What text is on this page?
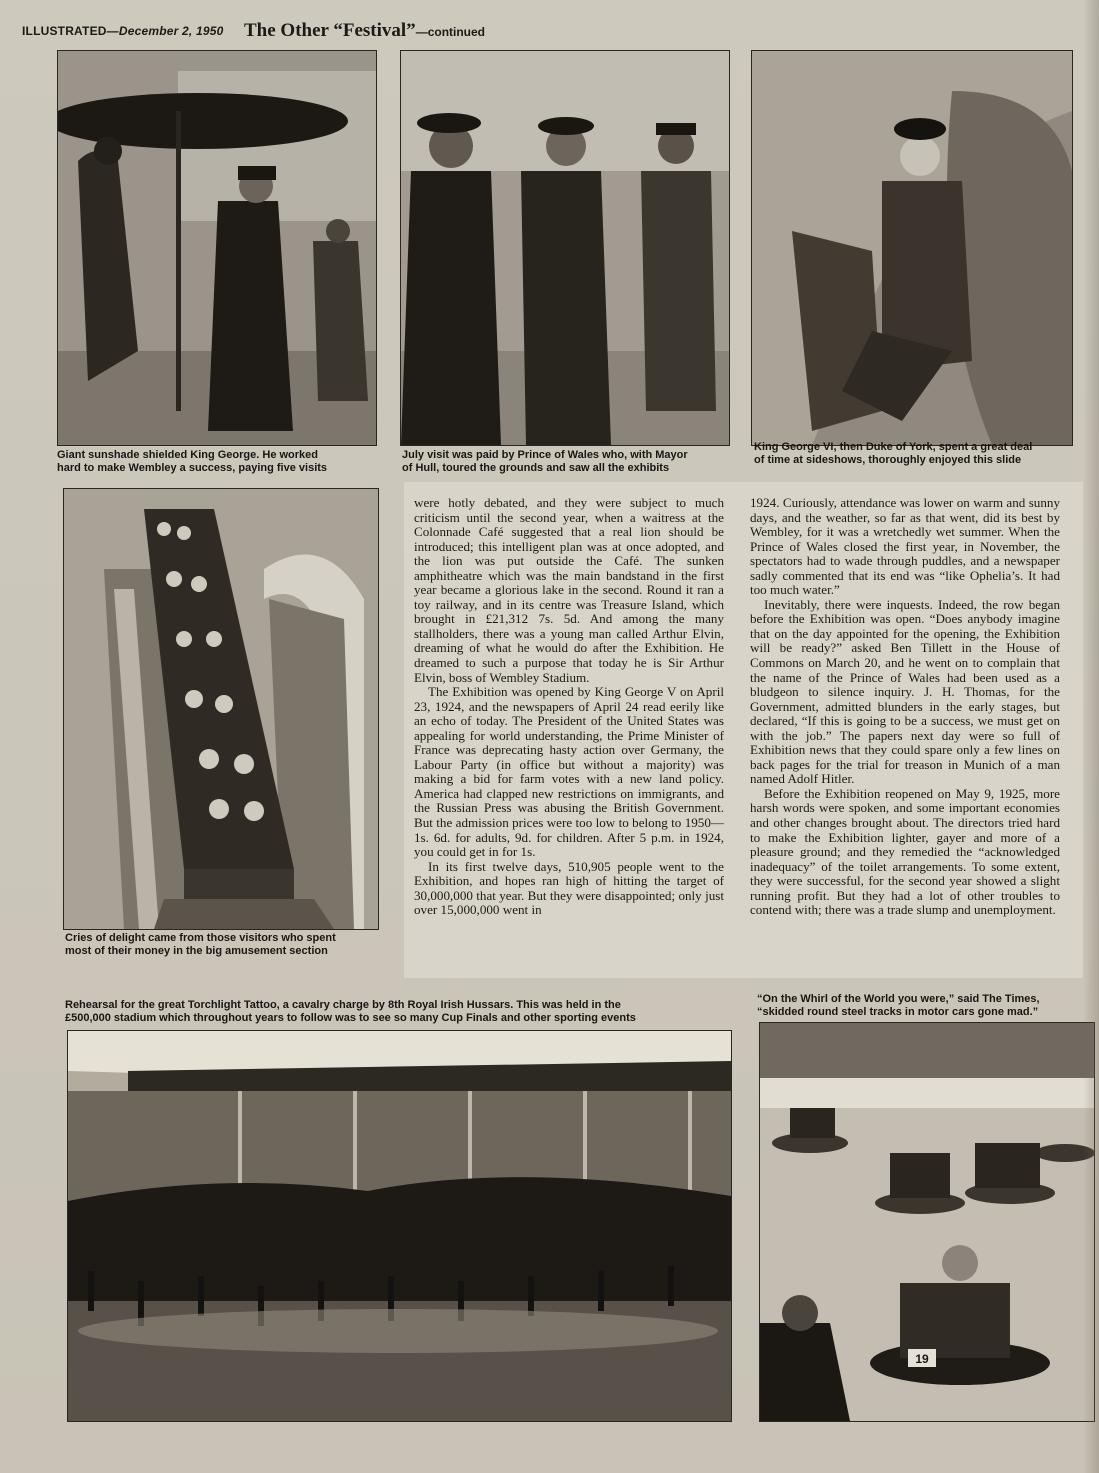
ILLUSTRATED—December 2, 1950 The Other “Festival”—continued
Giant sunshade shielded King George. He worked
hard to make Wembley a success, paying five visits
July visit was paid by Prince of Wales who, with Mayor
of Hull, toured the grounds and saw all the exhibits
King George VI, then Duke of York, spent a great deal
of time at sideshows, thoroughly enjoyed this slide
Cries of delight came from those visitors who spent
most of their money in the big amusement section

were hotly debated, and they were subject to much criticism until the second year, when a waitress at the Colonnade Café suggested that a real lion should be introduced; this intelligent plan was at once adopted, and the lion was put outside the Café. The sunken amphitheatre which was the main bandstand in the first year became a glorious lake in the second. Round it ran a toy railway, and in its centre was Treasure Island, which brought in £21,312 7s. 5d. And among the many stallholders, there was a young man called Arthur Elvin, dreaming of what he would do after the Exhibition. He dreamed to such a purpose that today he is Sir Arthur Elvin, boss of Wembley Stadium.

The Exhibition was opened by King George V on April 23, 1924, and the newspapers of April 24 read eerily like an echo of today. The President of the United States was appealing for world understanding, the Prime Minister of France was deprecating hasty action over Germany, the Labour Party (in office but without a majority) was making a bid for farm votes with a new land policy. America had clapped new restrictions on immigrants, and the Russian Press was abusing the British Government. But the admission prices were too low to belong to 1950—1s. 6d. for adults, 9d. for children. After 5 p.m. in 1924, you could get in for 1s.

In its first twelve days, 510,905 people went to the Exhibition, and hopes ran high of hitting the target of 30,000,000 that year. But they were disappointed; only just over 15,000,000 went in

1924. Curiously, attendance was lower on warm and sunny days, and the weather, so far as that went, did its best by Wembley, for it was a wretchedly wet summer. When the Prince of Wales closed the first year, in November, the spectators had to wade through puddles, and a newspaper sadly commented that its end was “like Ophelia’s. It had too much water.”

Inevitably, there were inquests. Indeed, the row began before the Exhibition was open. “Does anybody imagine that on the day appointed for the opening, the Exhibition will be ready?” asked Ben Tillett in the House of Commons on March 20, and he went on to complain that the name of the Prince of Wales had been used as a bludgeon to silence inquiry. J. H. Thomas, for the Government, admitted blunders in the early stages, but declared, “If this is going to be a success, we must get on with the job.” The papers next day were so full of Exhibition news that they could spare only a few lines on back pages for the trial for treason in Munich of a man named Adolf Hitler.

Before the Exhibition reopened on May 9, 1925, more harsh words were spoken, and some important economies and other changes brought about. The directors tried hard to make the Exhibition lighter, gayer and more of a pleasure ground; and they remedied the “acknowledged inadequacy” of the toilet arrangements. To some extent, they were successful, for the second year showed a slight running profit. But they had a lot of other troubles to contend with; there was a trade slump and unemployment.

Rehearsal for the great Torchlight Tattoo, a cavalry charge by 8th Royal Irish Hussars. This was held in the
£500,000 stadium which throughout years to follow was to see so many Cup Finals and other sporting events
“On the Whirl of the World you were,” said The Times,
“skidded round steel tracks in motor cars gone mad.”
19
